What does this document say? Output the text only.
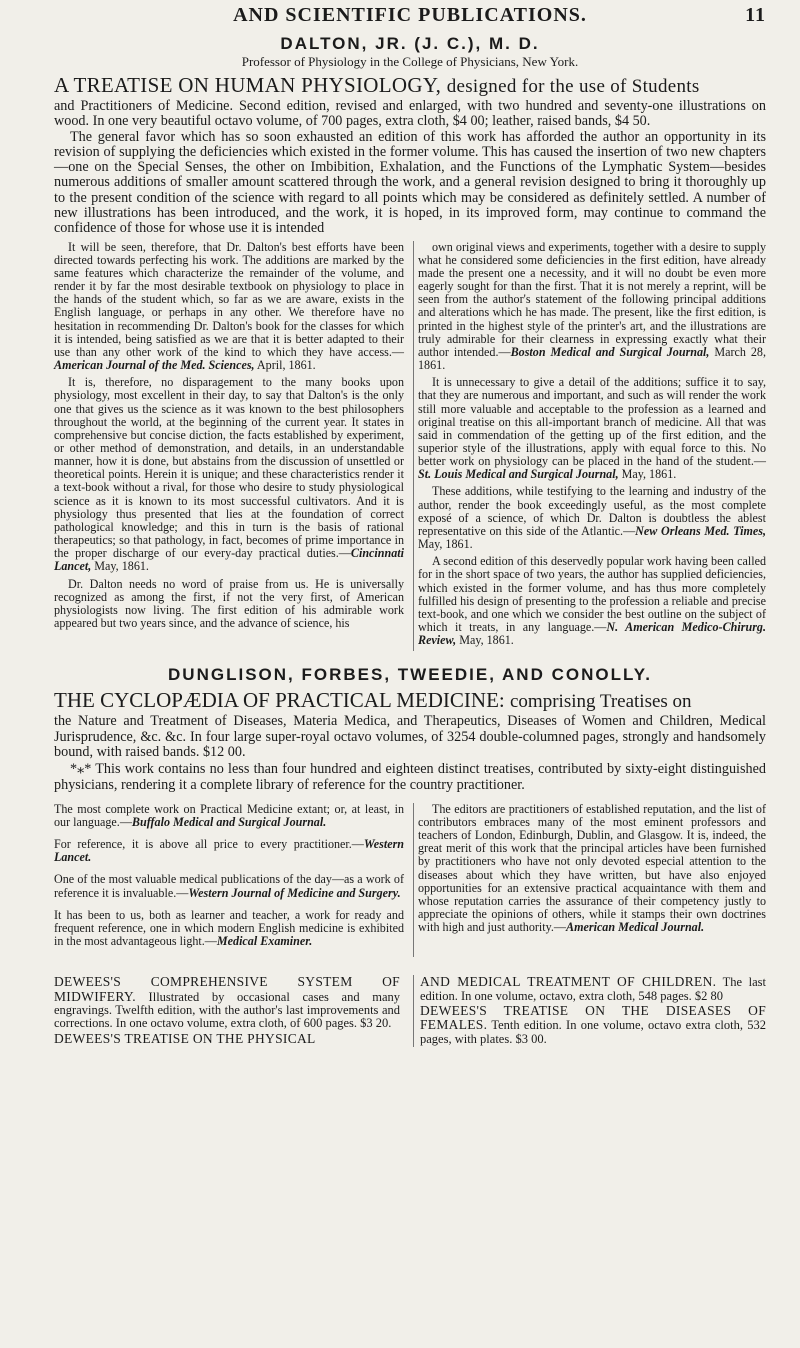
AND SCIENTIFIC PUBLICATIONS.	11
DALTON, JR. (J. C.), M. D.
Professor of Physiology in the College of Physicians, New York.
A TREATISE ON HUMAN PHYSIOLOGY, designed for the use of Students

and Practitioners of Medicine. Second edition, revised and enlarged, with two hundred and seventy-one illustrations on wood. In one very beautiful octavo volume, of 700 pages, extra cloth, $4 00; leather, raised bands, $4 50.

The general favor which has so soon exhausted an edition of this work has afforded the author an opportunity in its revision of supplying the deficiencies which existed in the former volume. This has caused the insertion of two new chapters—one on the Special Senses, the other on Imbibition, Exhalation, and the Functions of the Lymphatic System—besides numerous additions of smaller amount scattered through the work, and a general revision designed to bring it thoroughly up to the present condition of the science with regard to all points which may be considered as definitely settled. A number of new illustrations has been introduced, and the work, it is hoped, in its improved form, may continue to command the confidence of those for whose use it is intended

It will be seen, therefore, that Dr. Dalton's best efforts have been directed towards perfecting his work. The additions are marked by the same features which characterize the remainder of the volume, and render it by far the most desirable textbook on physiology to place in the hands of the student which, so far as we are aware, exists in the English language, or perhaps in any other. We therefore have no hesitation in recommending Dr. Dalton's book for the classes for which it is intended, being satisfied as we are that it is better adapted to their use than any other work of the kind to which they have access.—American Journal of the Med. Sciences, April, 1861.

It is, therefore, no disparagement to the many books upon physiology, most excellent in their day, to say that Dalton's is the only one that gives us the science as it was known to the best philosophers throughout the world, at the beginning of the current year. It states in comprehensive but concise diction, the facts established by experiment, or other method of demonstration, and details, in an understandable manner, how it is done, but abstains from the discussion of unsettled or theoretical points. Herein it is unique; and these characteristics render it a text-book without a rival, for those who desire to study physiological science as it is known to its most successful cultivators. And it is physiology thus presented that lies at the foundation of correct pathological knowledge; and this in turn is the basis of rational therapeutics; so that pathology, in fact, becomes of prime importance in the proper discharge of our every-day practical duties.—Cincinnati Lancet, May, 1861.

Dr. Dalton needs no word of praise from us. He is universally recognized as among the first, if not the very first, of American physiologists now living. The first edition of his admirable work appeared but two years since, and the advance of science, his

own original views and experiments, together with a desire to supply what he considered some deficiencies in the first edition, have already made the present one a necessity, and it will no doubt be even more eagerly sought for than the first. That it is not merely a reprint, will be seen from the author's statement of the following principal additions and alterations which he has made. The present, like the first edition, is printed in the highest style of the printer's art, and the illustrations are truly admirable for their clearness in expressing exactly what their author intended.—Boston Medical and Surgical Journal, March 28, 1861.

It is unnecessary to give a detail of the additions; suffice it to say, that they are numerous and important, and such as will render the work still more valuable and acceptable to the profession as a learned and original treatise on this all-important branch of medicine. All that was said in commendation of the getting up of the first edition, and the superior style of the illustrations, apply with equal force to this. No better work on physiology can be placed in the hand of the student.—St. Louis Medical and Surgical Journal, May, 1861.

These additions, while testifying to the learning and industry of the author, render the book exceedingly useful, as the most complete exposé of a science, of which Dr. Dalton is doubtless the ablest representative on this side of the Atlantic.—New Orleans Med. Times, May, 1861.

A second edition of this deservedly popular work having been called for in the short space of two years, the author has supplied deficiencies, which existed in the former volume, and has thus more completely fulfilled his design of presenting to the profession a reliable and precise text-book, and one which we consider the best outline on the subject of which it treats, in any language.—N. American Medico-Chirurg. Review, May, 1861.

DUNGLISON, FORBES, TWEEDIE, AND CONOLLY.
THE CYCLOPÆDIA OF PRACTICAL MEDICINE: comprising Treatises on

the Nature and Treatment of Diseases, Materia Medica, and Therapeutics, Diseases of Women and Children, Medical Jurisprudence, &c. &c. In four large super-royal octavo volumes, of 3254 double-columned pages, strongly and handsomely bound, with raised bands. $12 00.

*⁎* This work contains no less than four hundred and eighteen distinct treatises, contributed by sixty-eight distinguished physicians, rendering it a complete library of reference for the country practitioner.

The most complete work on Practical Medicine extant; or, at least, in our language.—Buffalo Medical and Surgical Journal.

For reference, it is above all price to every practitioner.—Western Lancet.

One of the most valuable medical publications of the day—as a work of reference it is invaluable.—Western Journal of Medicine and Surgery.

It has been to us, both as learner and teacher, a work for ready and frequent reference, one in which modern English medicine is exhibited in the most advantageous light.—Medical Examiner.

The editors are practitioners of established reputation, and the list of contributors embraces many of the most eminent professors and teachers of London, Edinburgh, Dublin, and Glasgow. It is, indeed, the great merit of this work that the principal articles have been furnished by practitioners who have not only devoted especial attention to the diseases about which they have written, but have also enjoyed opportunities for an extensive practical acquaintance with them and whose reputation carries the assurance of their competency justly to appreciate the opinions of others, while it stamps their own doctrines with high and just authority.—American Medical Journal.

DEWEES'S COMPREHENSIVE SYSTEM OF MIDWIFERY. Illustrated by occasional cases and many engravings. Twelfth edition, with the author's last improvements and corrections. In one octavo volume, extra cloth, of 600 pages. $3 20.

DEWEES'S TREATISE ON THE PHYSICAL

AND MEDICAL TREATMENT OF CHILDREN. The last edition. In one volume, octavo, extra cloth, 548 pages. $2 80

DEWEES'S TREATISE ON THE DISEASES OF FEMALES. Tenth edition. In one volume, octavo extra cloth, 532 pages, with plates. $3 00.
